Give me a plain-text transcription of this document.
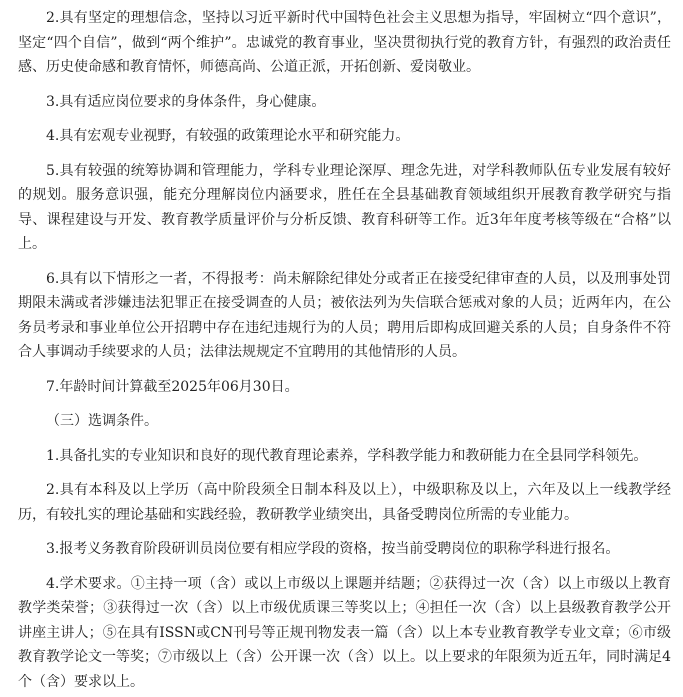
2.具有坚定的理想信念，坚持以习近平新时代中国特色社会主义思想为指导，牢固树立“四个意识”，坚定“四个自信”，做到“两个维护”。忠诚党的教育事业，坚决贯彻执行党的教育方针，有强烈的政治责任感、历史使命感和教育情怀，师德高尚、公道正派，开拓创新、爱岗敬业。

3.具有适应岗位要求的身体条件，身心健康。

4.具有宏观专业视野，有较强的政策理论水平和研究能力。

5.具有较强的统筹协调和管理能力，学科专业理论深厚、理念先进，对学科教师队伍专业发展有较好的规划。服务意识强，能充分理解岗位内涵要求，胜任在全县基础教育领域组织开展教育教学研究与指导、课程建设与开发、教育教学质量评价与分析反馈、教育科研等工作。近3年年度考核等级在“合格”以上。

6.具有以下情形之一者，不得报考：尚未解除纪律处分或者正在接受纪律审查的人员，以及刑事处罚期限未满或者涉嫌违法犯罪正在接受调查的人员；被依法列为失信联合惩戒对象的人员；近两年内，在公务员考录和事业单位公开招聘中存在违纪违规行为的人员；聘用后即构成回避关系的人员；自身条件不符合人事调动手续要求的人员；法律法规规定不宜聘用的其他情形的人员。

7.年龄时间计算截至2025年06月30日。

（三）选调条件。

1.具备扎实的专业知识和良好的现代教育理论素养，学科教学能力和教研能力在全县同学科领先。

2.具有本科及以上学历（高中阶段须全日制本科及以上），中级职称及以上，六年及以上一线教学经历，有较扎实的理论基础和实践经验，教研教学业绩突出，具备受聘岗位所需的专业能力。

3.报考义务教育阶段研训员岗位要有相应学段的资格，按当前受聘岗位的职称学科进行报名。

4.学术要求。①主持一项（含）或以上市级以上课题并结题；②获得过一次（含）以上市级以上教育教学类荣誉；③获得过一次（含）以上市级优质课三等奖以上；④担任一次（含）以上县级教育教学公开讲座主讲人；⑤在具有ISSN或CN刊号等正规刊物发表一篇（含）以上本专业教育教学专业文章；⑥市级教育教学论文一等奖；⑦市级以上（含）公开课一次（含）以上。以上要求的年限须为近五年，同时满足4个（含）要求以上。
